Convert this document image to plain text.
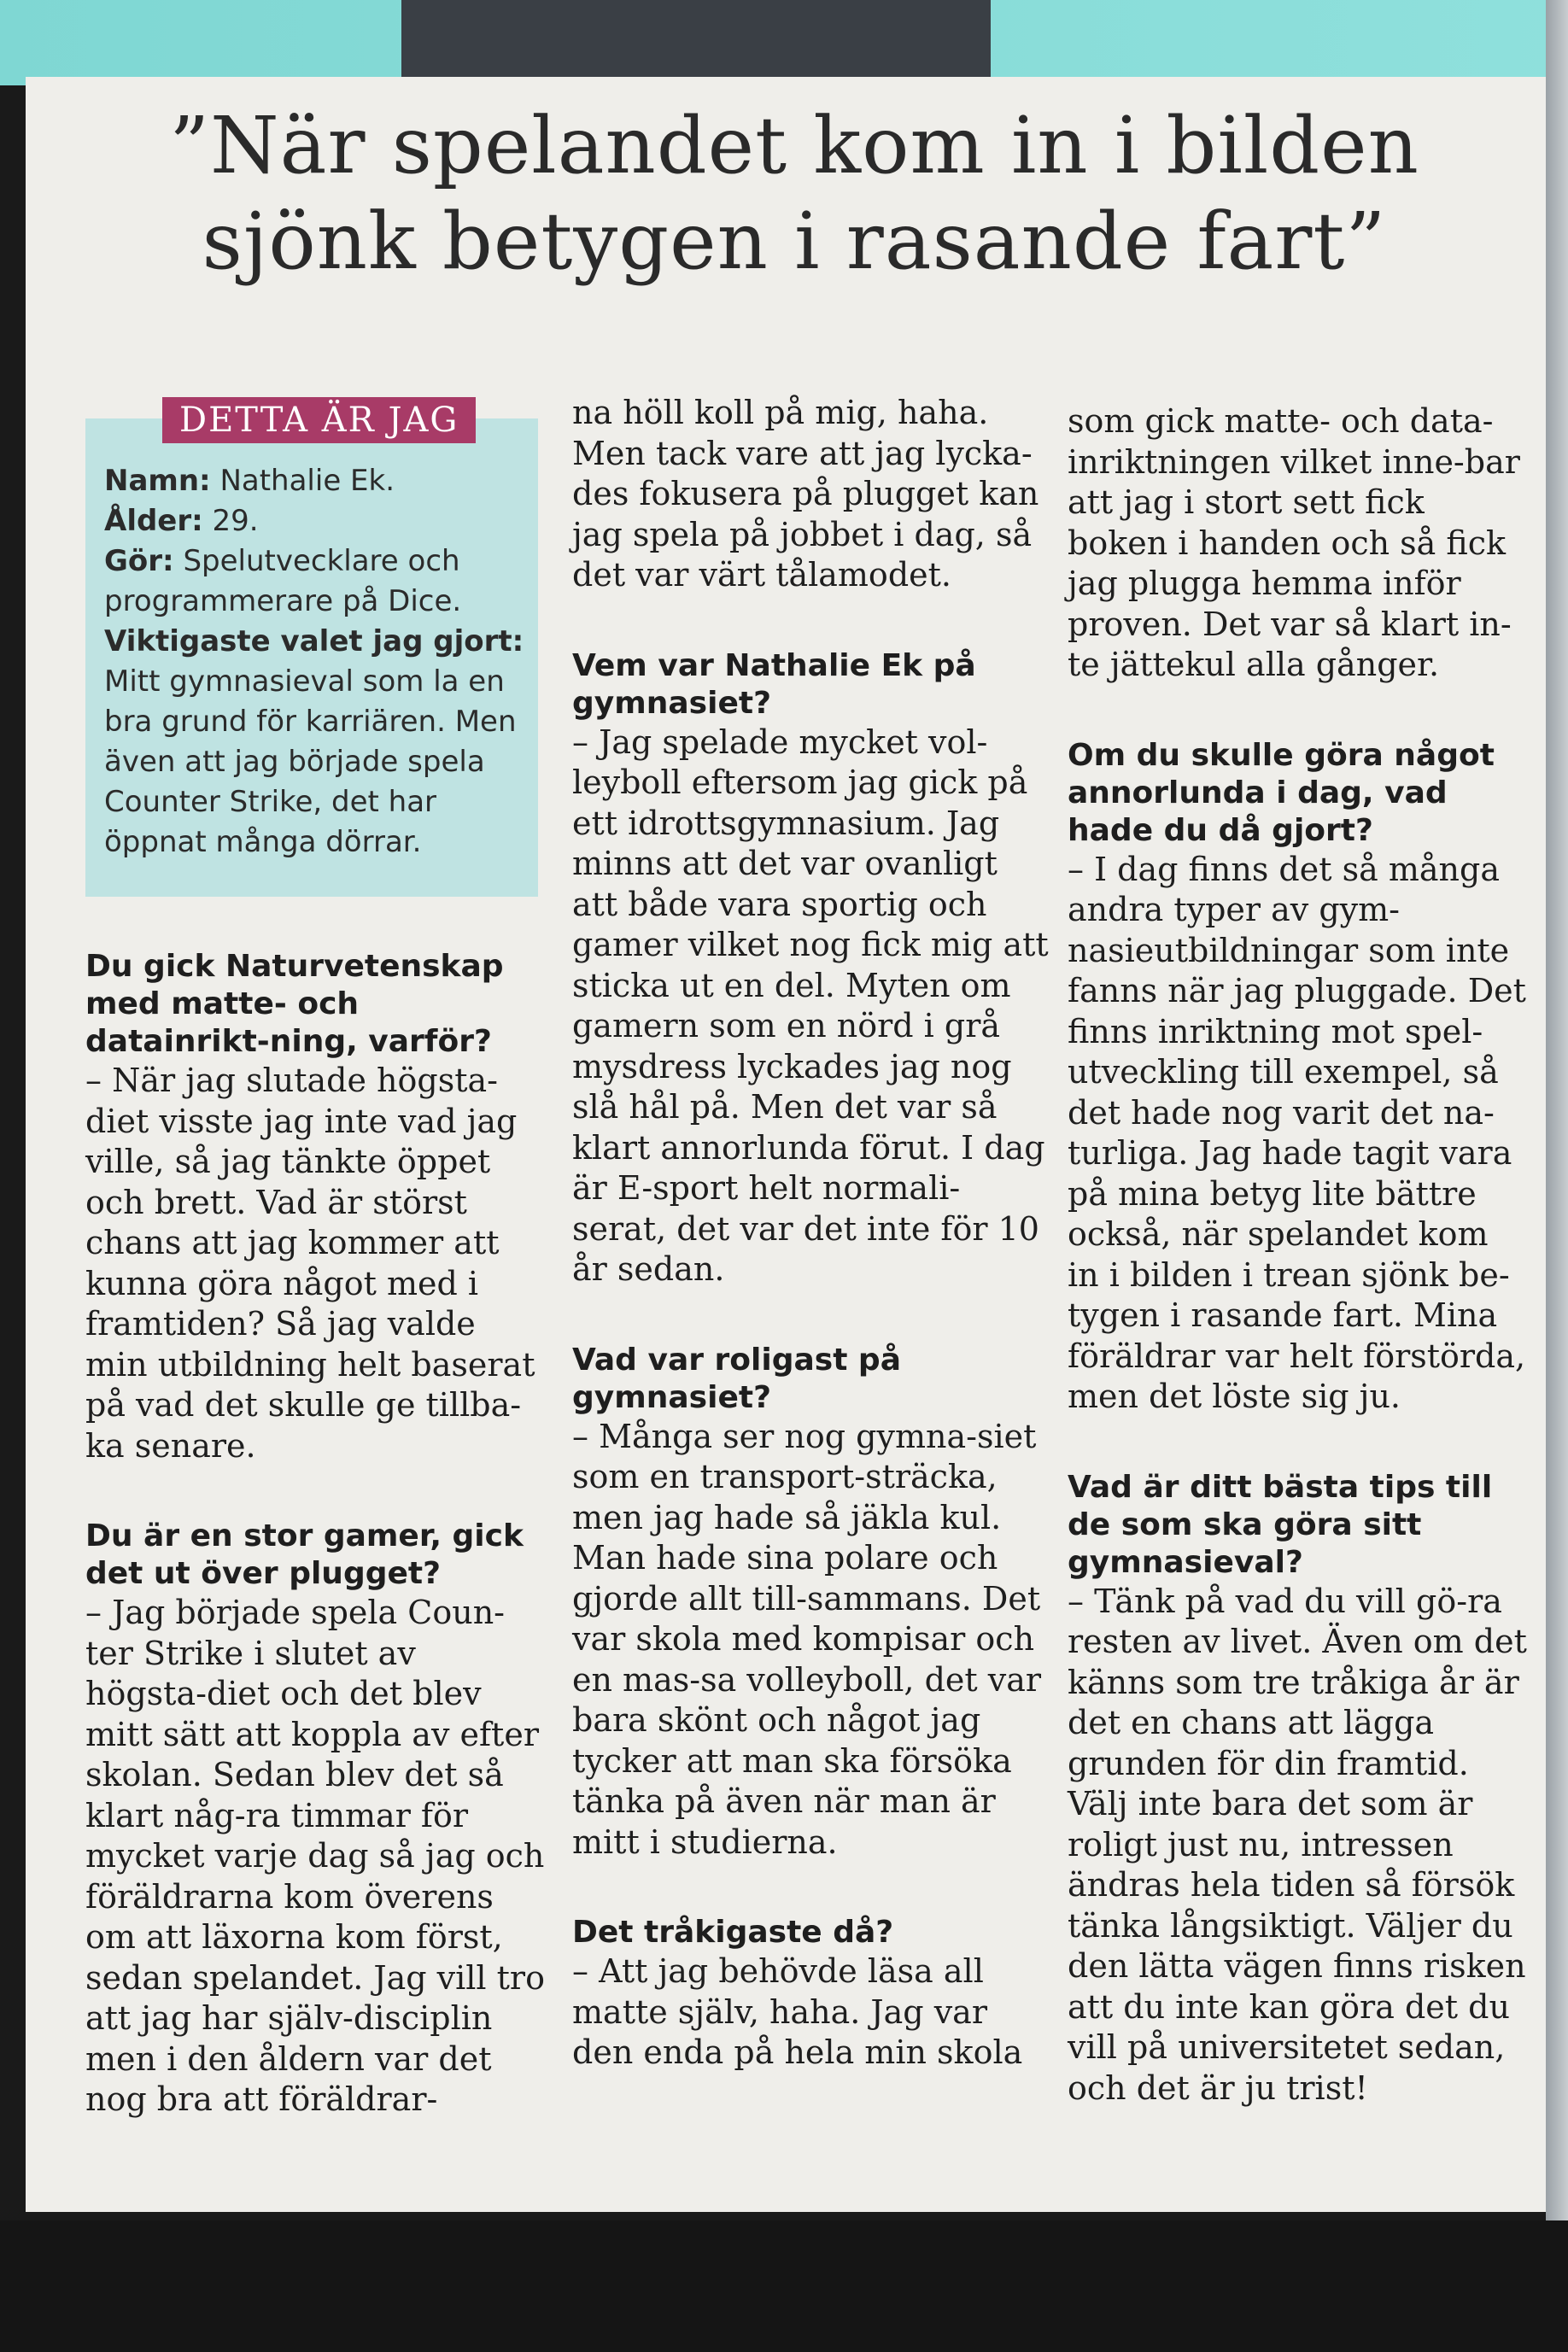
”När spelandet kom in i bilden
sjönk betygen i rasande fart”
DETTA ÄR JAG

Namn: Nathalie Ek.

Ålder: 29.

Gör: Spelutvecklare och programmerare på Dice.

Viktigaste valet jag gjort:

Mitt gymnasieval som la en bra grund för karriären. Men även att jag började spela Counter Strike, det har öppnat många dörrar.

Du gick Naturvetenskap med matte- och datainrikt-ning, varför?

– När jag slutade högsta-diet visste jag inte vad jag ville, så jag tänkte öppet och brett. Vad är störst chans att jag kommer att kunna göra något med i framtiden? Så jag valde min utbildning helt baserat på vad det skulle ge tillba-ka senare.

Du är en stor gamer, gick det ut över plugget?

– Jag började spela Coun-ter Strike i slutet av högsta-diet och det blev mitt sätt att koppla av efter skolan. Sedan blev det så klart någ-ra timmar för mycket varje dag så jag och föräldrarna kom överens om att läxorna kom först, sedan spelandet. Jag vill tro att jag har själv-disciplin men i den åldern var det nog bra att föräldrar-

na höll koll på mig, haha. Men tack vare att jag lycka-des fokusera på plugget kan jag spela på jobbet i dag, så det var värt tålamodet.

Vem var Nathalie Ek på gymnasiet?

– Jag spelade mycket vol-leyboll eftersom jag gick på ett idrottsgymnasium. Jag minns att det var ovanligt att både vara sportig och gamer vilket nog fick mig att sticka ut en del. Myten om gamern som en nörd i grå mysdress lyckades jag nog slå hål på. Men det var så klart annorlunda förut. I dag är E-sport helt normali-serat, det var det inte för 10 år sedan.

Vad var roligast på gymnasiet?

– Många ser nog gymna-siet som en transport-sträcka, men jag hade så jäkla kul. Man hade sina polare och gjorde allt till-sammans. Det var skola med kompisar och en mas-sa volleyboll, det var bara skönt och något jag tycker att man ska försöka tänka på även när man är mitt i studierna.

Det tråkigaste då?

– Att jag behövde läsa all matte själv, haha. Jag var den enda på hela min skola

som gick matte- och data-inriktningen vilket inne-bar att jag i stort sett fick boken i handen och så fick jag plugga hemma inför proven. Det var så klart in-te jättekul alla gånger.

Om du skulle göra något annorlunda i dag, vad hade du då gjort?

– I dag finns det så många andra typer av gym-nasieutbildningar som inte fanns när jag pluggade. Det finns inriktning mot spel-utveckling till exempel, så det hade nog varit det na-turliga. Jag hade tagit vara på mina betyg lite bättre också, när spelandet kom in i bilden i trean sjönk be-tygen i rasande fart. Mina föräldrar var helt förstörda, men det löste sig ju.

Vad är ditt bästa tips till de som ska göra sitt gymnasieval?

– Tänk på vad du vill gö-ra resten av livet. Även om det känns som tre tråkiga år är det en chans att lägga grunden för din framtid. Välj inte bara det som är roligt just nu, intressen ändras hela tiden så försök tänka långsiktigt. Väljer du den lätta vägen finns risken att du inte kan göra det du vill på universitetet sedan, och det är ju trist!
